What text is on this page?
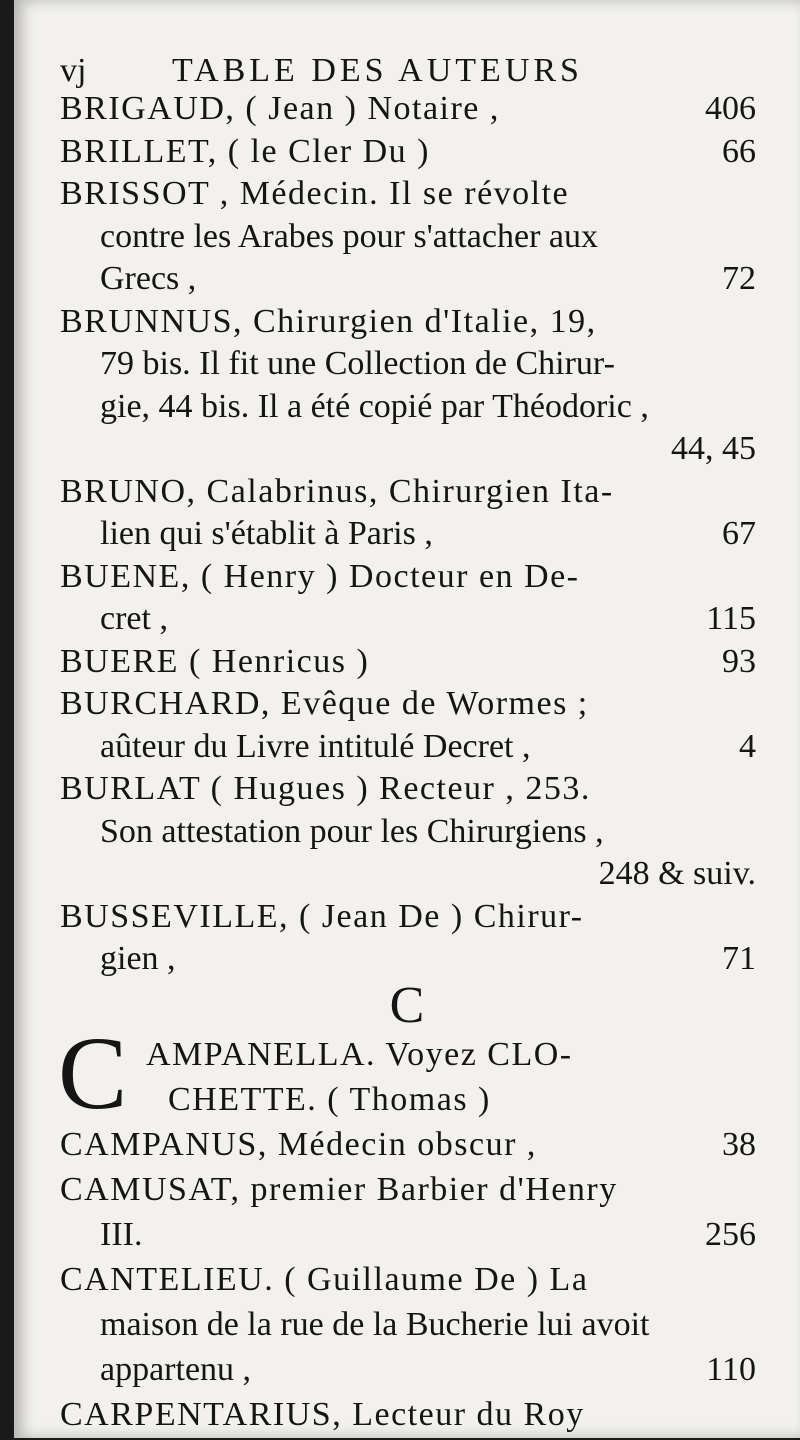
vj	TABLE DES AUTEURS
BRIGAUD, ( Jean ) Notaire ,	406
BRILLET, ( le Cler Du )	66
BRISSOT , Médecin. Il se révolte
contre les Arabes pour s'attacher aux
Grecs ,	72
BRUNNUS, Chirurgien d'Italie, 19,
79 bis. Il fit une Collection de Chirur-
gie, 44 bis. Il a été copié par Théodoric ,
44, 45
BRUNO, Calabrinus, Chirurgien Ita-
lien qui s'établit à Paris ,	67
BUENE, ( Henry ) Docteur en De-
cret ,	115
BUERE ( Henricus )	93
BURCHARD, Evêque de Wormes ;
aûteur du Livre intitulé Decret ,	4
BURLAT ( Hugues ) Recteur , 253.
Son attestation pour les Chirurgiens ,
248 & suiv.
BUSSEVILLE, ( Jean De ) Chirur-
gien ,	71
C
C AMPANELLA. Voyez CLO-
CHETTE. ( Thomas )
CAMPANUS, Médecin obscur ,	38
CAMUSAT, premier Barbier d'Henry
III.	256
CANTELIEU. ( Guillaume De ) La
maison de la rue de la Bucherie lui avoit
appartenu ,	110
CARPENTARIUS, Lecteur du Roy
